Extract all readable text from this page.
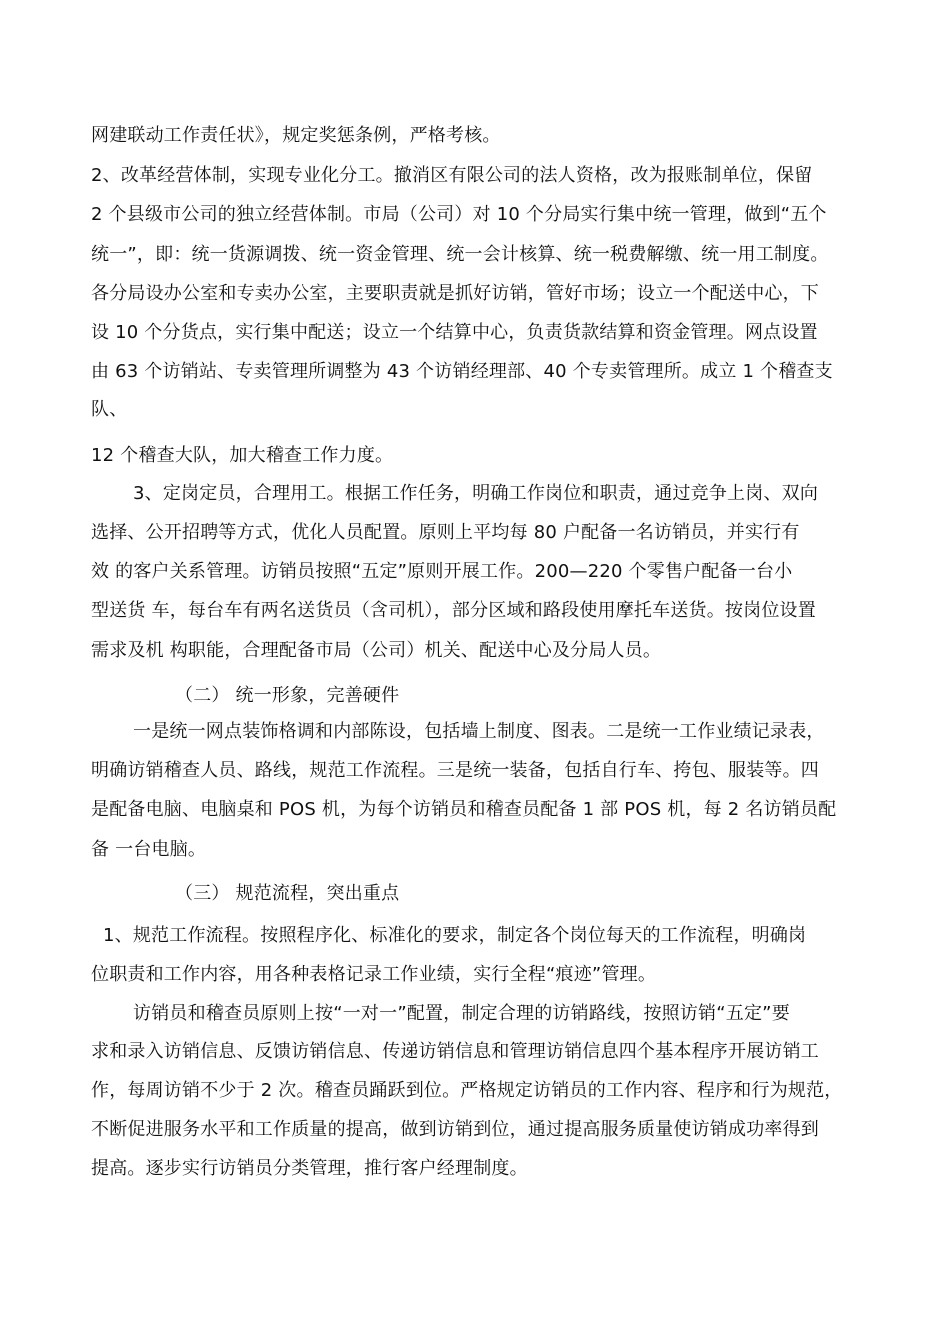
网建联动工作责任状》，规定奖惩条例，严格考核。
2、改革经营体制，实现专业化分工。撤消区有限公司的法人资格，改为报账制单位，保留
2 个县级市公司的独立经营体制。市局（公司）对 10 个分局实行集中统一管理，做到“五个
统一”，即：统一货源调拨、统一资金管理、统一会计核算、统一税费解缴、统一用工制度。
各分局设办公室和专卖办公室，主要职责就是抓好访销，管好市场；设立一个配送中心，下
设 10 个分货点，实行集中配送；设立一个结算中心，负责货款结算和资金管理。网点设置
由 63 个访销站、专卖管理所调整为 43 个访销经理部、40 个专卖管理所。成立 1 个稽查支
队、
12 个稽查大队，加大稽查工作力度。
3、定岗定员，合理用工。根据工作任务，明确工作岗位和职责，通过竞争上岗、双向
选择、公开招聘等方式，优化人员配置。原则上平均每 80 户配备一名访销员，并实行有
效 的客户关系管理。访销员按照“五定”原则开展工作。200—220 个零售户配备一台小
型送货 车，每台车有两名送货员（含司机），部分区域和路段使用摩托车送货。按岗位设置
需求及机 构职能，合理配备市局（公司）机关、配送中心及分局人员。
（二） 统一形象，完善硬件
一是统一网点装饰格调和内部陈设，包括墙上制度、图表。二是统一工作业绩记录表，
明确访销稽查人员、路线，规范工作流程。三是统一装备，包括自行车、挎包、服装等。四
是配备电脑、电脑桌和 POS 机，为每个访销员和稽查员配备 1 部 POS 机，每 2 名访销员配
备 一台电脑。
（三） 规范流程，突出重点
1、规范工作流程。按照程序化、标准化的要求，制定各个岗位每天的工作流程，明确岗
位职责和工作内容，用各种表格记录工作业绩，实行全程“痕迹”管理。
访销员和稽查员原则上按“一对一”配置，制定合理的访销路线，按照访销“五定”要
求和录入访销信息、反馈访销信息、传递访销信息和管理访销信息四个基本程序开展访销工
作，每周访销不少于 2 次。稽查员踊跃到位。严格规定访销员的工作内容、程序和行为规范，
不断促进服务水平和工作质量的提高，做到访销到位，通过提高服务质量使访销成功率得到
提高。逐步实行访销员分类管理，推行客户经理制度。
